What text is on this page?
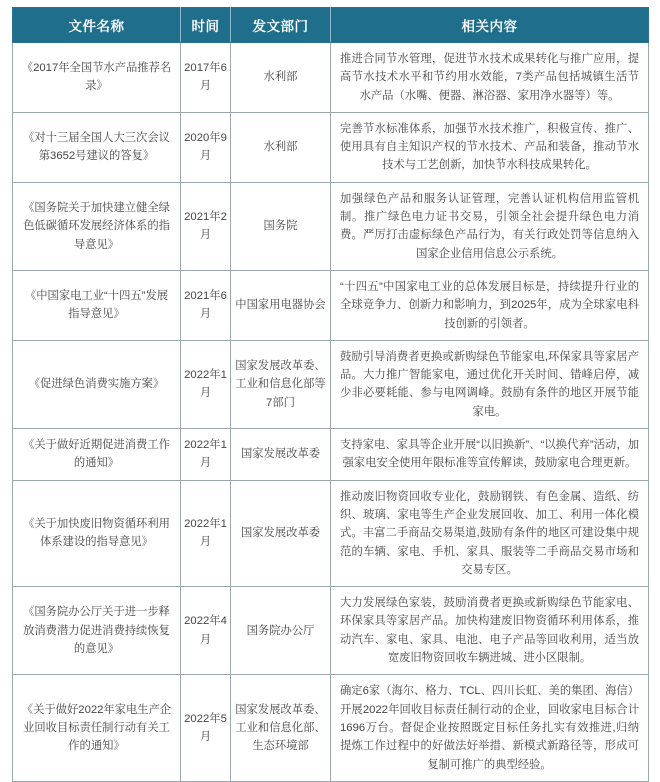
文件名称	时间	发文部门	相关内容
《2017年全国节水产品推荐名录》	2017年6月	水利部	推进合同节水管理，促进节水技术成果转化与推广应用，提高节水技术水平和节约用水效能，7类产品包括城镇生活节水产品（水嘴、便器、淋浴器、家用净水器等）等。
《对十三届全国人大三次会议第3652号建议的答复》	2020年9月	水利部	完善节水标准体系，加强节水技术推广，积极宣传、推广、使用具有自主知识产权的节水技术、产品和装备，推动节水技术与工艺创新，加快节水科技成果转化。
《国务院关于加快建立健全绿色低碳循环发展经济体系的指导意见》	2021年2月	国务院	加强绿色产品和服务认证管理，完善认证机构信用监管机制。推广绿色电力证书交易，引领全社会提升绿色电力消费。严厉打击虚标绿色产品行为，有关行政处罚等信息纳入国家企业信用信息公示系统。
《中国家电工业“十四五”发展指导意见》	2021年6月	中国家用电器协会	“十四五”中国家电工业的总体发展目标是，持续提升行业的全球竞争力、创新力和影响力，到2025年，成为全球家电科技创新的引领者。
《促进绿色消费实施方案》	2022年1月	国家发展改革委、工业和信息化部等7部门	鼓励引导消费者更换或新购绿色节能家电,环保家具等家居产品。大力推广智能家电，通过优化开关时间、错峰启停，减少非必要耗能、参与电网调峰。鼓励有条件的地区开展节能家电。
《关于做好近期促进消费工作的通知》	2022年1月	国家发展改革委	支持家电、家具等企业开展“以旧换新”、“以换代弃”活动，加强家电安全使用年限标准等宣传解读，鼓励家电合理更新。
《关于加快废旧物资循环利用体系建设的指导意见》	2022年1月	国家发展改革委	推动废旧物资回收专业化，鼓励钢铁、有色金属、造纸、纺织、玻璃、家电等生产企业发展回收、加工、利用一体化模式。丰富二手商品交易渠道,鼓励有条件的地区可建设集中规范的车辆、家电、手机、家具、服装等二手商品交易市场和交易专区。
《国务院办公厅关于进一步释放消费潜力促进消费持续恢复的意见》	2022年4月	国务院办公厅	大力发展绿色家装，鼓励消费者更换或新购绿色节能家电、环保家具等家居产品。加快构建废旧物资循环利用体系，推动汽车、家电、家具、电池、电子产品等回收利用，适当放宽废旧物资回收车辆进城、进小区限制。
《关于做好2022年家电生产企业回收目标责任制行动有关工作的通知》	2022年5月	国家发展改革委、工业和信息化部、生态环境部	确定6家（海尔、格力、TCL、四川长虹、美的集团、海信）开展2022年回收目标责任制行动的企业，回收家电目标合计1696万台。督促企业按照既定目标任务扎实有效推进,归纳提炼工作过程中的好做法好举措、新模式新路径等，形成可复制可推广的典型经验。
